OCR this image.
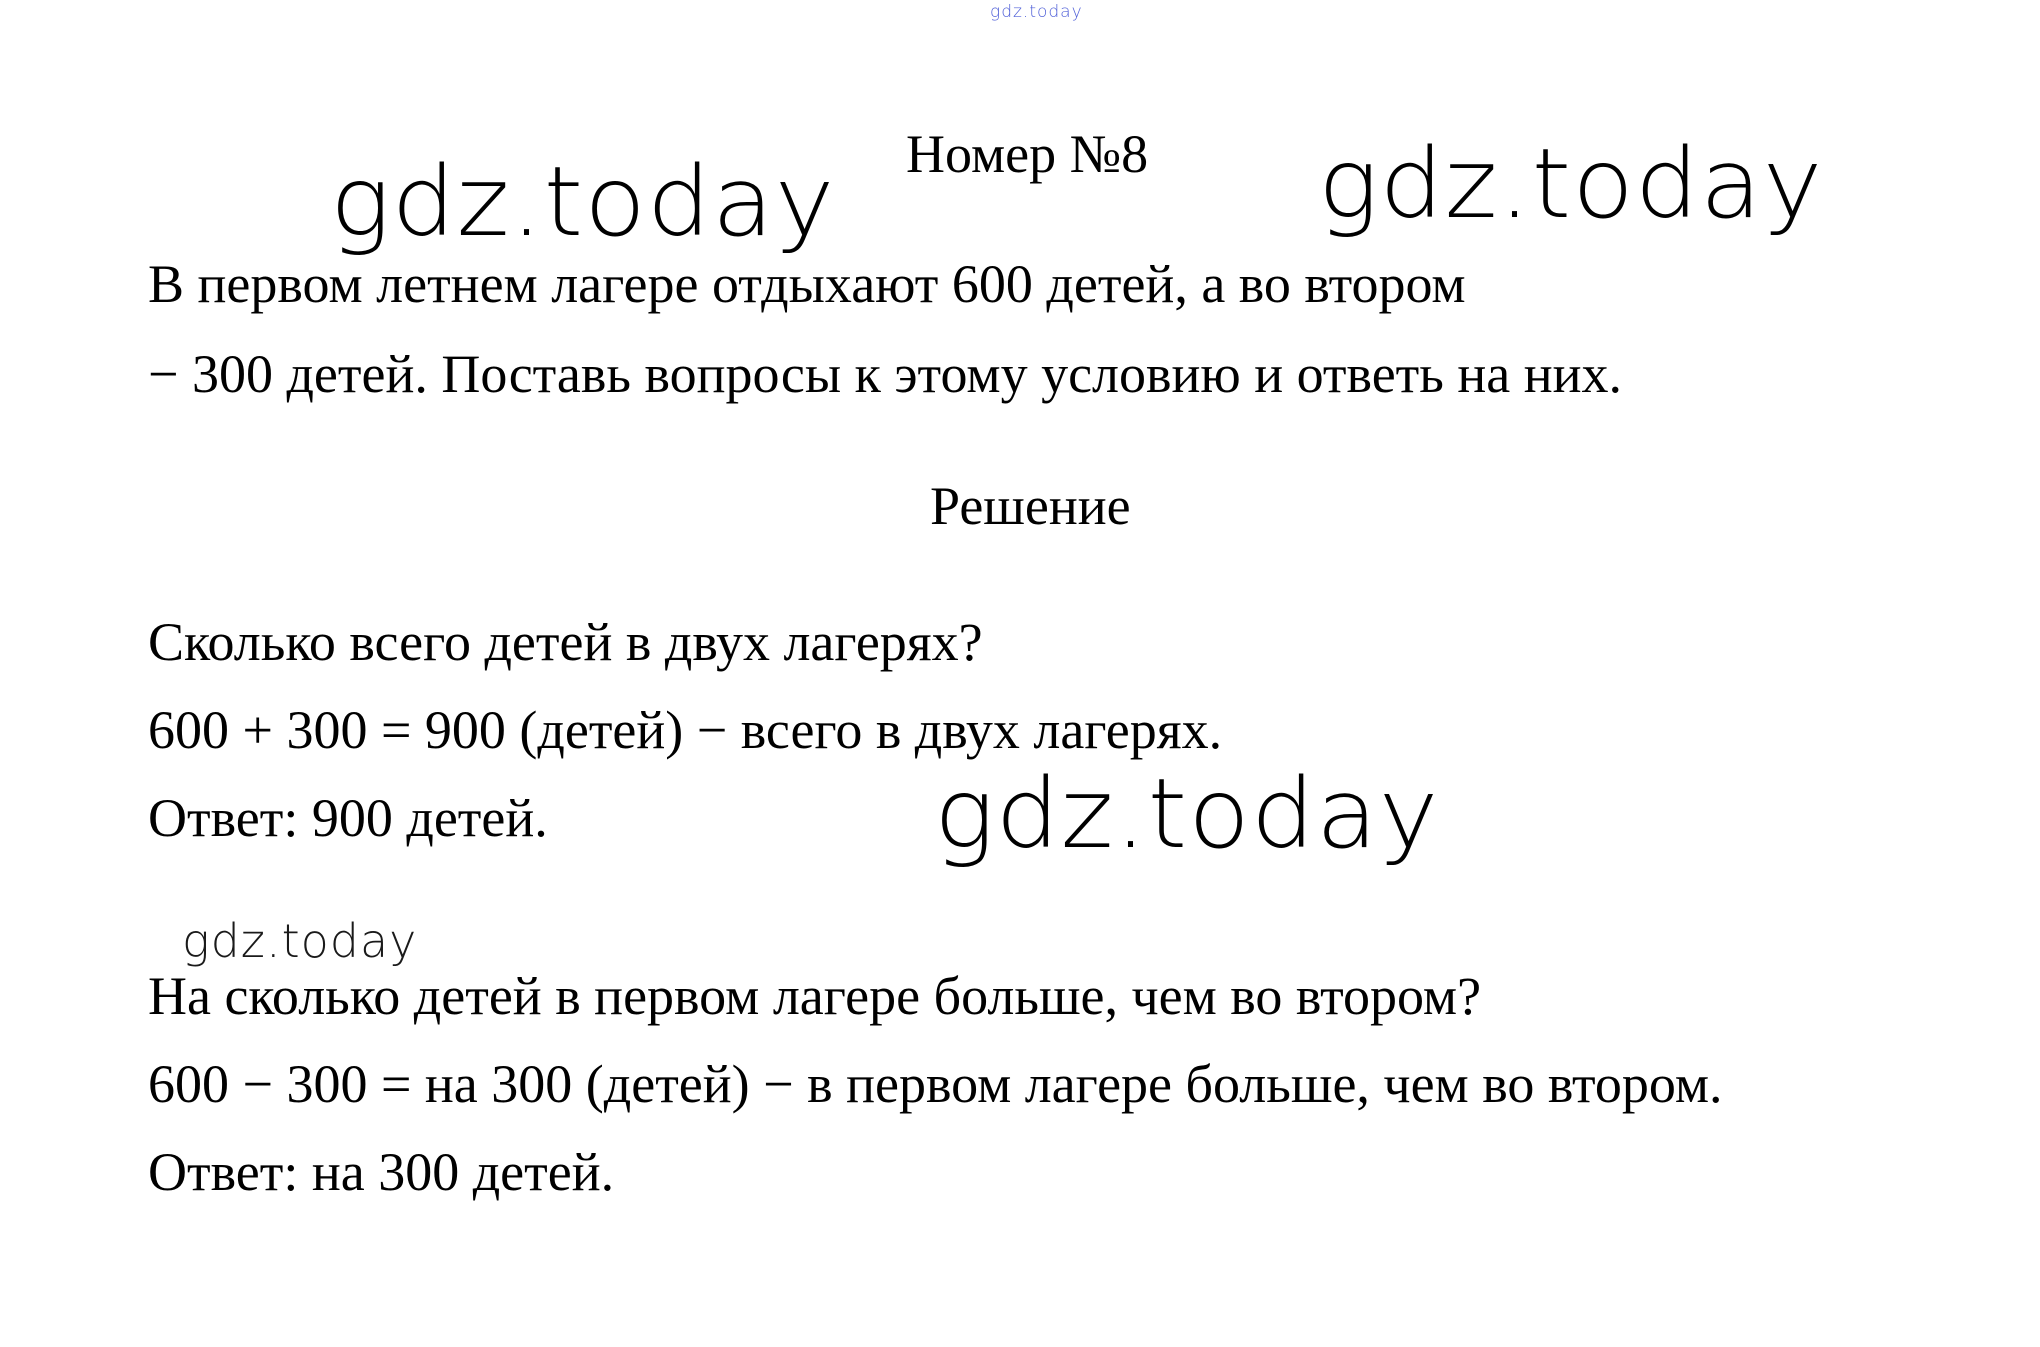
gdz.today
Номер №8
gdz.today	gdz.today

В первом летнем лагере отдыхают 600 детей, а во втором

− 300 детей. Поставь вопросы к этому условию и ответь на них.

Решение

Сколько всего детей в двух лагерях?

600 + 300 = 900 (детей) − всего в двух лагерях.

Ответ: 900 детей.	gdz.today
gdz.today

На сколько детей в первом лагере больше, чем во втором?

600 − 300 = на 300 (детей) − в первом лагере больше, чем во втором.

Ответ: на 300 детей.
